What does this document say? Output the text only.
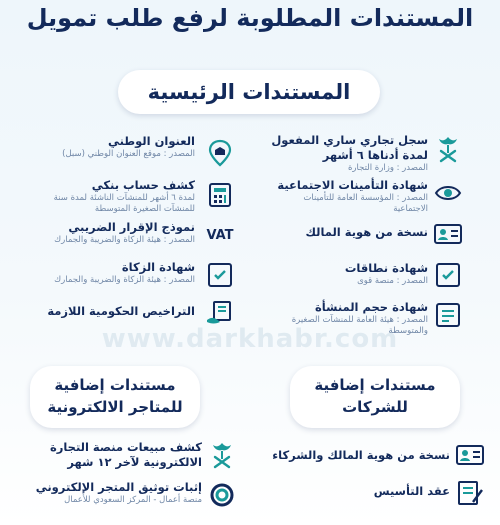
المستندات المطلوبة لرفع طلب تمويل
المستندات الرئيسية
سجل تجاري ساري المفعول لمدة أدناها ٦ أشهر
المصدر : وزارة التجارة
شهادة التأمينات الاجتماعية
المصدر : المؤسسة العامة للتأمينات الاجتماعية
نسخة من هوية المالك
شهادة نطاقات
المصدر : منصة قوى
شهادة حجم المنشأة
المصدر : هيئة العامة للمنشآت الصغيرة والمتوسطة
العنوان الوطني
المصدر : موقع العنوان الوطني (سبل)
كشف حساب بنكي
لمدة ٦ أشهر للمنشآت الناشئة لمدة سنة للمنشآت الصغيرة المتوسطة
VAT
نموذج الإقرار الضريبي
المصدر : هيئة الزكاة والضريبة والجمارك
شهادة الزكاة
المصدر : هيئة الزكاة والضريبة والجمارك
التراخيص الحكومية اللازمة
www.darkhabr.com
مستندات إضافية للشركات
مستندات إضافية للمتاجر الالكترونية
نسخة من هوية المالك والشركاء
عقد التأسيس
كشف مبيعات منصة التجارة الالكترونية لآخر ١٢ شهر
إثبات توثيق المتجر الإلكتروني
منصة أعمال - المركز السعودي للأعمال
